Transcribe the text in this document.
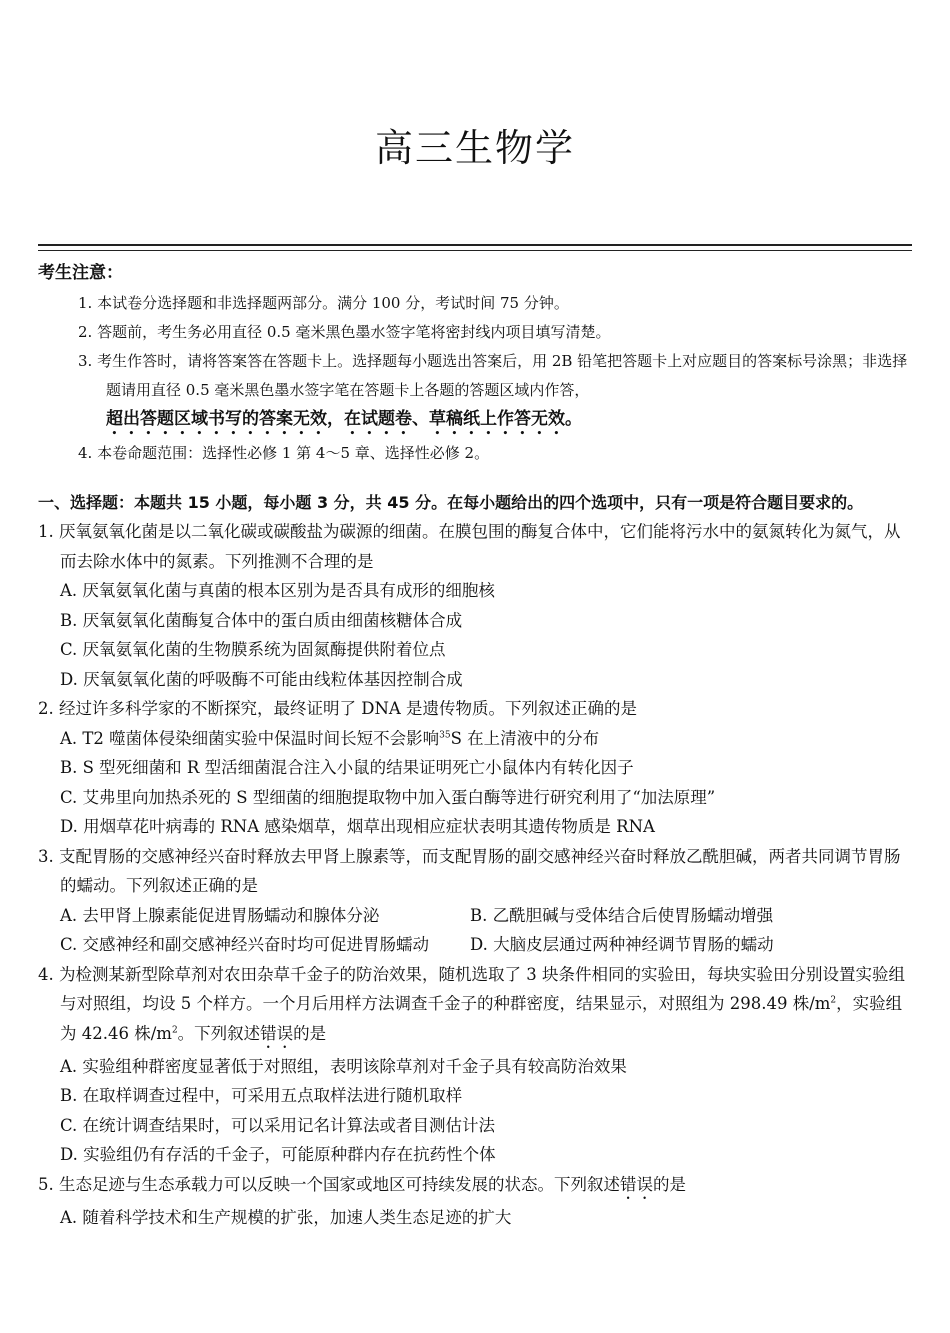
高三生物学
考生注意：
1. 本试卷分选择题和非选择题两部分。满分 100 分，考试时间 75 分钟。
2. 答题前，考生务必用直径 0.5 毫米黑色墨水签字笔将密封线内项目填写清楚。
3. 考生作答时，请将答案答在答题卡上。选择题每小题选出答案后，用 2B 铅笔把答题卡上对应题目的答案标号涂黑；非选择题请用直径 0.5 毫米黑色墨水签字笔在答题卡上各题的答题区域内作答，
超出答题区域书写的答案无效，在试题卷、草稿纸上作答无效。
4. 本卷命题范围：选择性必修 1 第 4～5 章、选择性必修 2。
一、选择题：本题共 15 小题，每小题 3 分，共 45 分。在每小题给出的四个选项中，只有一项是符合题目要求的。
1. 厌氧氨氧化菌是以二氧化碳或碳酸盐为碳源的细菌。在膜包围的酶复合体中，它们能将污水中的氨氮转化为氮气，从而去除水体中的氮素。下列推测不合理的是
A. 厌氧氨氧化菌与真菌的根本区别为是否具有成形的细胞核
B. 厌氧氨氧化菌酶复合体中的蛋白质由细菌核糖体合成
C. 厌氧氨氧化菌的生物膜系统为固氮酶提供附着位点
D. 厌氧氨氧化菌的呼吸酶不可能由线粒体基因控制合成
2. 经过许多科学家的不断探究，最终证明了 DNA 是遗传物质。下列叙述正确的是
A. T2 噬菌体侵染细菌实验中保温时间长短不会影响$^{35}$S 在上清液中的分布
B. S 型死细菌和 R 型活细菌混合注入小鼠的结果证明死亡小鼠体内有转化因子
C. 艾弗里向加热杀死的 S 型细菌的细胞提取物中加入蛋白酶等进行研究利用了“加法原理”
D. 用烟草花叶病毒的 RNA 感染烟草，烟草出现相应症状表明其遗传物质是 RNA
3. 支配胃肠的交感神经兴奋时释放去甲肾上腺素等，而支配胃肠的副交感神经兴奋时释放乙酰胆碱，两者共同调节胃肠的蠕动。下列叙述正确的是
A. 去甲肾上腺素能促进胃肠蠕动和腺体分泌	B. 乙酰胆碱与受体结合后使胃肠蠕动增强
C. 交感神经和副交感神经兴奋时均可促进胃肠蠕动	D. 大脑皮层通过两种神经调节胃肠的蠕动
4. 为检测某新型除草剂对农田杂草千金子的防治效果，随机选取了 3 块条件相同的实验田，每块实验田分别设置实验组与对照组，均设 5 个样方。一个月后用样方法调查千金子的种群密度，结果显示，对照组为 298.49 株$/m^2$，实验组为 42.46 株$/m^2$。下列叙述错误的是
A. 实验组种群密度显著低于对照组，表明该除草剂对千金子具有较高防治效果
B. 在取样调查过程中，可采用五点取样法进行随机取样
C. 在统计调查结果时，可以采用记名计算法或者目测估计法
D. 实验组仍有存活的千金子，可能原种群内存在抗药性个体
5. 生态足迹与生态承载力可以反映一个国家或地区可持续发展的状态。下列叙述错误的是
A. 随着科学技术和生产规模的扩张，加速人类生态足迹的扩大
